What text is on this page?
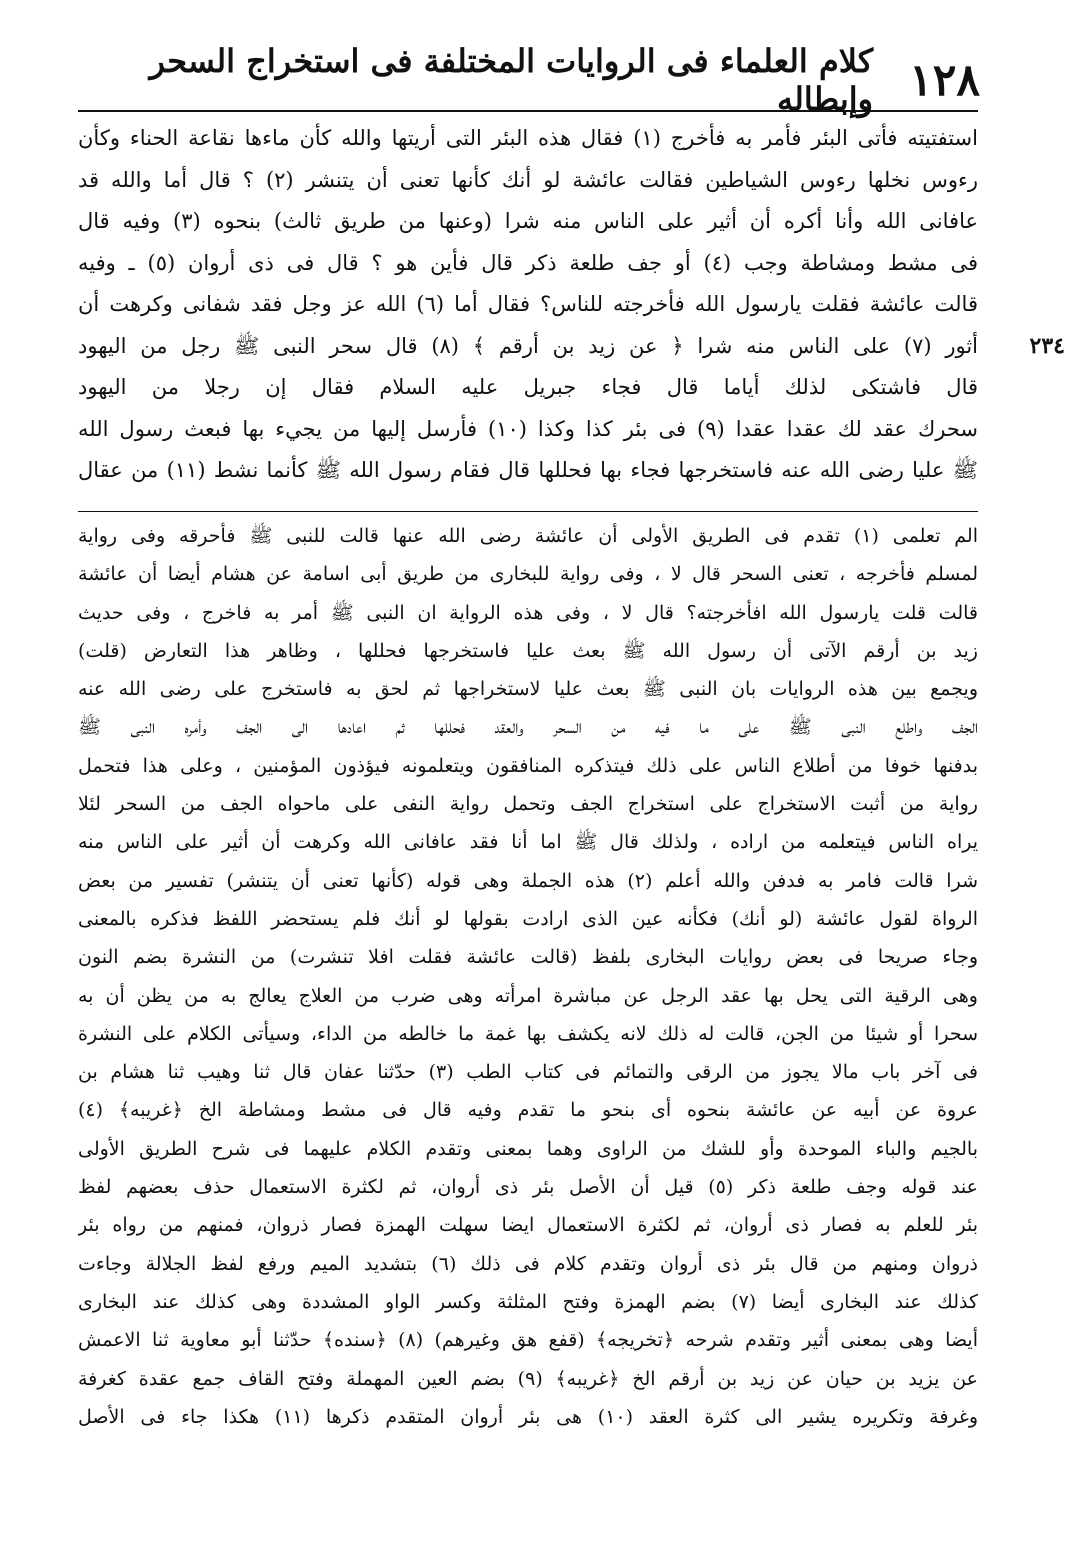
١٢٨
كلام العلماء فى الروايات المختلفة فى استخراج السحر وإبطاله
٢٣٤
استفتيته فأتى البئر فأمر به فأخرج (١) فقال هذه البئر التى أريتها والله كأن ماءها نقاعة الحناء وكأن
رءوس نخلها رءوس الشياطين فقالت عائشة لو أنك كأنها تعنى أن يتنشر (٢) ؟ قال أما والله قد
عافانى الله وأنا أكره أن أثير على الناس منه شرا (وعنها من طريق ثالث) بنحوه (٣) وفيه قال
فى مشط ومشاطة وجب (٤) أو جف طلعة ذكر قال فأين هو ؟ قال فى ذى أروان (٥) ـ وفيه
قالت عائشة فقلت يارسول الله فأخرجته للناس؟ فقال أما (٦) الله عز وجل فقد شفانى وكرهت أن
أثور (٧) على الناس منه شرا ﴿ عن زيد بن أرقم ﴾ (٨) قال سحر النبى ﷺ رجل من اليهود
قال فاشتكى لذلك أياما قال فجاء جبريل عليه السلام فقال إن رجلا من اليهود
سحرك عقد لك عقدا عقدا (٩) فى بئر كذا وكذا (١٠) فأرسل إليها من يجيء بها فبعث رسول الله
ﷺ عليا رضى الله عنه فاستخرجها فجاء بها فحللها قال فقام رسول الله ﷺ كأنما نشط (١١) من عقال
الم تعلمى (١) تقدم فى الطريق الأولى أن عائشة رضى الله عنها قالت للنبى ﷺ فأحرقه وفى رواية
لمسلم فأخرجه ، تعنى السحر قال لا ، وفى رواية للبخارى من طريق أبى اسامة عن هشام أيضا أن عائشة
قالت قلت يارسول الله افأخرجته؟ قال لا ، وفى هذه الرواية ان النبى ﷺ أمر به فاخرج ، وفى حديث
زيد بن أرقم الآتى أن رسول الله ﷺ بعث عليا فاستخرجها فحللها ، وظاهر هذا التعارض (قلت)
ويجمع بين هذه الروايات بان النبى ﷺ بعث عليا لاستخراجها ثم لحق به فاستخرج على رضى الله عنه
الجف واطلع النبى ﷺ على ما فيه من السحر والعقد فحللها ثم اعادها الى الجف وأمره النبى ﷺ
بدفنها خوفا من أطلاع الناس على ذلك فيتذكره المنافقون ويتعلمونه فيؤذون المؤمنين ، وعلى هذا فتحمل
رواية من أثبت الاستخراج على استخراج الجف وتحمل رواية النفى على ماحواه الجف من السحر لئلا
يراه الناس فيتعلمه من اراده ، ولذلك قال ﷺ اما أنا فقد عافانى الله وكرهت أن أثير على الناس منه
شرا قالت فامر به فدفن والله أعلم (٢) هذه الجملة وهى قوله (كأنها تعنى أن يتنشر) تفسير من بعض
الرواة لقول عائشة (لو أنك) فكأنه عين الذى ارادت بقولها لو أنك فلم يستحضر اللفظ فذكره بالمعنى
وجاء صريحا فى بعض روايات البخارى بلفظ (قالت عائشة فقلت افلا تنشرت) من النشرة بضم النون
وهى الرقية التى يحل بها عقد الرجل عن مباشرة امرأته وهى ضرب من العلاج يعالج به من يظن أن به
سحرا أو شيئا من الجن، قالت له ذلك لانه يكشف بها غمة ما خالطه من الداء، وسيأتى الكلام على النشرة
فى آخر باب مالا يجوز من الرقى والتمائم فى كتاب الطب (٣) حدّثنا عفان قال ثنا وهيب ثنا هشام بن
عروة عن أبيه عن عائشة بنحوه أى بنحو ما تقدم وفيه قال فى مشط ومشاطة الخ ﴿غريبه﴾ (٤)
بالجيم والباء الموحدة وأو للشك من الراوى وهما بمعنى وتقدم الكلام عليهما فى شرح الطريق الأولى
عند قوله وجف طلعة ذكر (٥) قيل أن الأصل بئر ذى أروان، ثم لكثرة الاستعمال حذف بعضهم لفظ
بئر للعلم به فصار ذى أروان، ثم لكثرة الاستعمال ايضا سهلت الهمزة فصار ذروان، فمنهم من رواه بئر
ذروان ومنهم من قال بئر ذى أروان وتقدم كلام فى ذلك (٦) بتشديد الميم ورفع لفظ الجلالة وجاءت
كذلك عند البخارى أيضا (٧) بضم الهمزة وفتح المثلثة وكسر الواو المشددة وهى كذلك عند البخارى
أيضا وهى بمعنى أثير وتقدم شرحه ﴿تخريجه﴾ (قفع هق وغيرهم) (٨) ﴿سنده﴾ حدّثنا أبو معاوية ثنا الاعمش
عن يزيد بن حيان عن زيد بن أرقم الخ ﴿غريبه﴾ (٩) بضم العين المهملة وفتح القاف جمع عقدة كغرفة
وغرفة وتكريره يشير الى كثرة العقد (١٠) هى بئر أروان المتقدم ذكرها (١١) هكذا جاء فى الأصل
